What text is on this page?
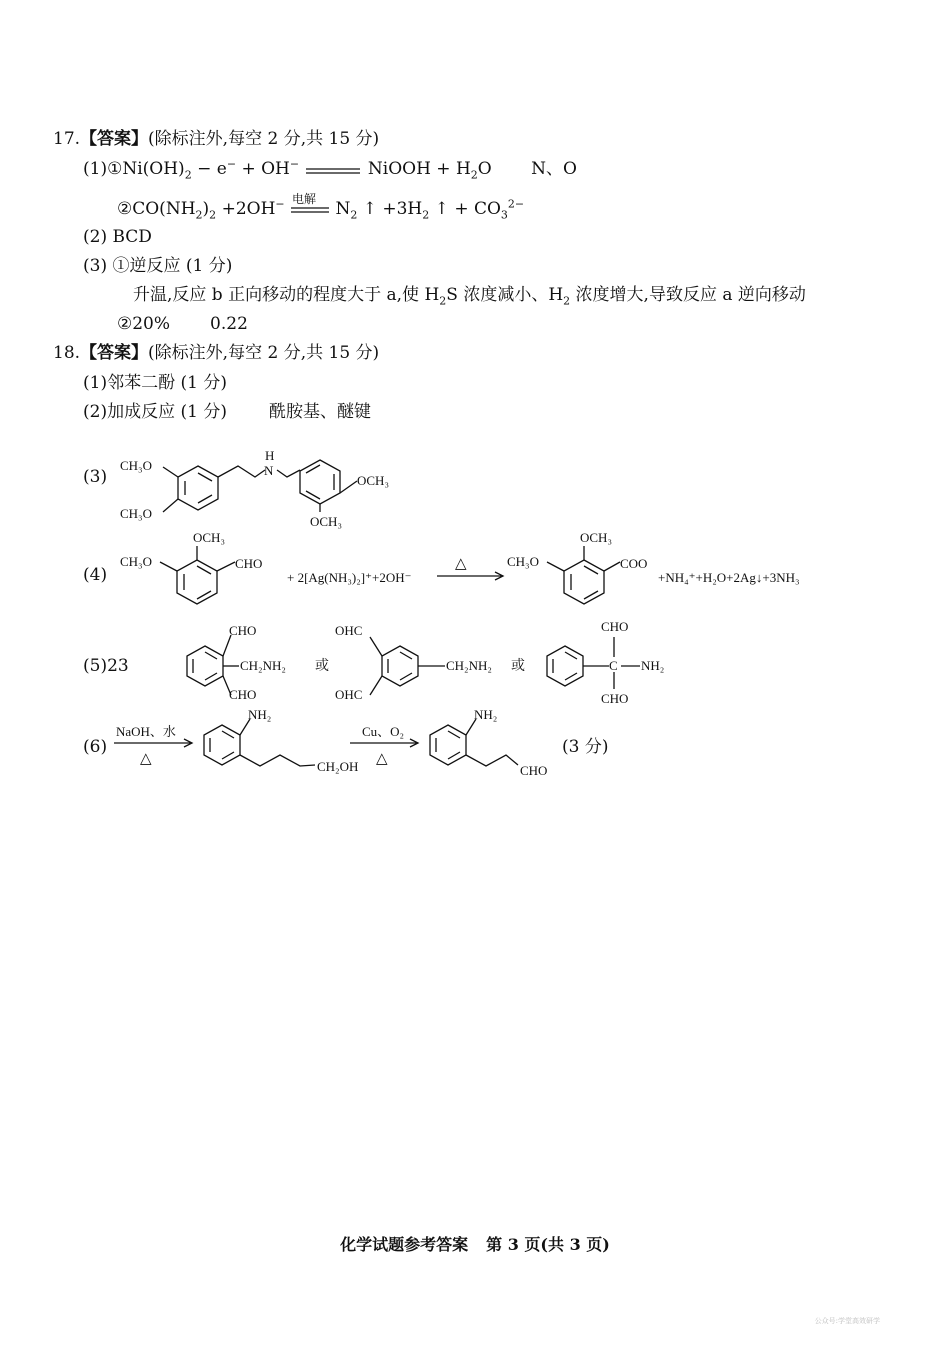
17.【答案】(除标注外,每空 2 分,共 15 分)
$(1)①Ni(OH)_2 - e^- + OH^-$	NiOOH + $H_2O$ N、O
$②CO(NH_2)_2 +2OH^-$ 电解
$N_2$ ↑ $+3H_2$ ↑ + $CO_3^{2-}$
(2) BCD
(3) ①逆反应 (1 分)
升温,反应 b 正向移动的程度大于 a,使 $H_2S$ 浓度减小、$H_2$ 浓度增大,导致反应 a 逆向移动
②20% 0.22
18.【答案】(除标注外,每空 2 分,共 15 分)
(1)邻苯二酚 (1 分)
(2)加成反应 (1 分) 酰胺基、醚键
(3)
CH₃O
CH₃O
H
N
OCH₃
OCH₃
(4)
OCH₃
CH₃O	CHO
+ 2[Ag(NH₃)₂]⁺+2OH⁻
△
OCH₃
CH₃O	COO
+NH₄⁺+H₂O+2Ag↓+3NH₃
(5)23
CHO
CH₂NH₂
CHO
或
OHC
OHC
CH₂NH₂ 或	C
CHO
NH₂
CHO
(6)
NaOH、水
△
NH₂
CH₂OH
Cu、O₂
△
NH₂
CHO
(3 分)
化学试题参考答案 第 3 页(共 3 页)
公众号:学堂高效研学
